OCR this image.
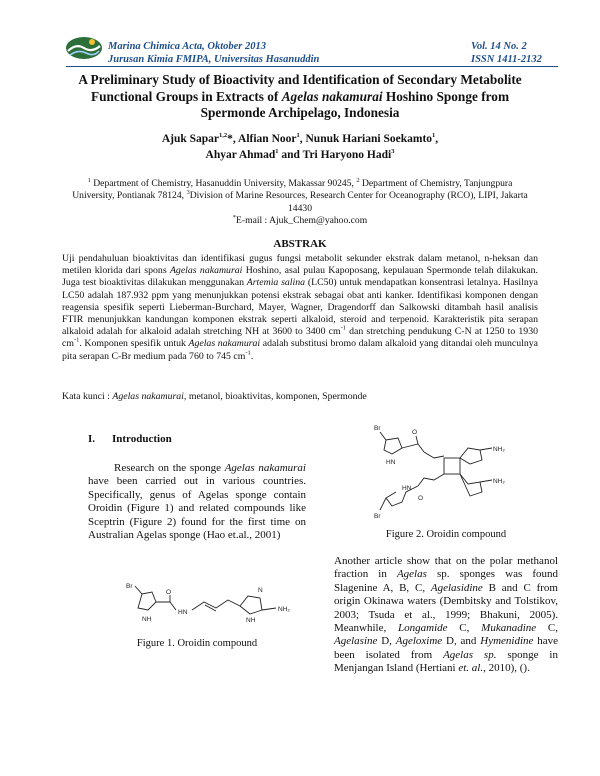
Marina Chimica Acta, Oktober 2013
Jurusan Kimia FMIPA, Universitas Hasanuddin
Vol. 14 No. 2
ISSN 1411-2132
A Preliminary Study of Bioactivity and Identification of Secondary Metabolite Functional Groups in Extracts of Agelas nakamurai Hoshino Sponge from Spermonde Archipelago, Indonesia
Ajuk Sapar$^{1,2}$*, Alfian Noor$^1$, Nunuk Hariani Soekamto$^1$,
Ahyar Ahmad$^1$ and Tri Haryono Hadi$^3$
$^1$ Department of Chemistry, Hasanuddin University, Makassar 90245, $^2$ Department of Chemistry, Tanjungpura University, Pontianak 78124, $^3$Division of Marine Resources, Research Center for Oceanography (RCO), LIPI, Jakarta 14430
*E-mail : Ajuk_Chem@yahoo.com
ABSTRAK
Uji pendahuluan bioaktivitas dan identifikasi gugus fungsi metabolit sekunder ekstrak dalam metanol, n-heksan dan metilen klorida dari spons Agelas nakamurai Hoshino, asal pulau Kapoposang, kepulauan Spermonde telah dilakukan. Juga test bioaktivitas dilakukan menggunakan Artemia salina (LC50) untuk mendapatkan konsentrasi letalnya. Hasilnya LC50 adalah 187.932 ppm yang menunjukkan potensi ekstrak sebagai obat anti kanker. Identifikasi komponen dengan reagensia spesifik seperti Lieberman-Burchard, Mayer, Wagner, Dragendorff dan Salkowski ditambah hasil analisis FTIR menunjukkan kandungan komponen ekstrak seperti alkaloid, steroid and terpenoid. Karakteristik pita serapan alkaloid adalah for alkaloid adalah stretching NH at 3600 to 3400 $cm^{-1}$ dan stretching pendukung C-N at 1250 to 1930 $cm^{-1}$. Komponen spesifik untuk Agelas nakamurai adalah substitusi bromo dalam alkaloid yang ditandai oleh munculnya pita serapan C-Br medium pada 760 to 745 $cm^{-1}$.
Kata kunci : Agelas nakamurai, metanol, bioaktivitas, komponen, Spermonde
I. Introduction
Research on the sponge Agelas nakamurai have been carried out in various countries. Specifically, genus of Agelas sponge contain Oroidin (Figure 1) and related compounds like Sceptrin (Figure 2) found for the first time on Australian Agelas sponge (Hao et.al., 2001)
Br
NH
O
HN
NH
N
NH₂
Figure 1. Oroidin compound
Br
HN
O
NH₂
NH₂
O
HN
Br
Figure 2. Oroidin compound
Another article show that on the polar methanol fraction in Agelas sp. sponges was found Slagenine A, B, C, Agelasidine B and C from origin Okinawa waters (Dembitsky and Tolstikov, 2003; Tsuda et al., 1999; Bhakuni, 2005). Meanwhile, Longamide C, Mukanadine C, Agelasine D, Ageloxime D, and Hymenidine have been isolated from Agelas sp. sponge in Menjangan Island (Hertiani et. al., 2010), ().
